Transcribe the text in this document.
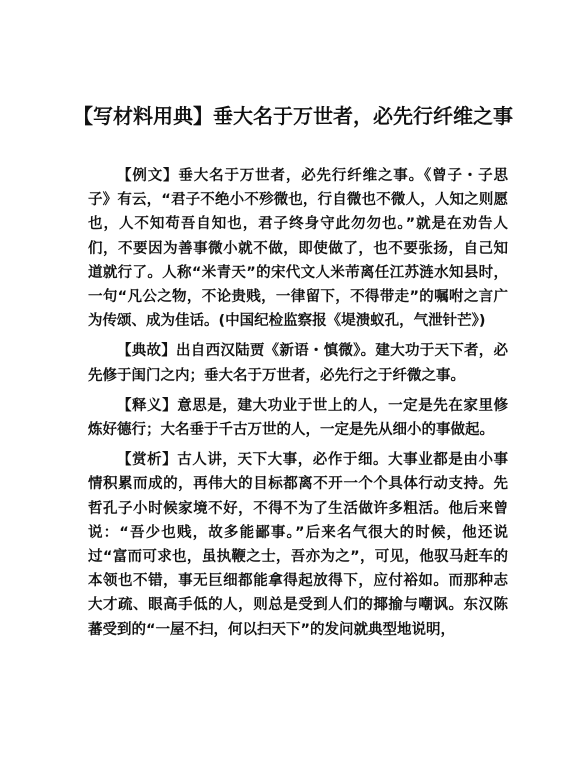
【写材料用典】垂大名于万世者，必先行纤维之事

【例文】垂大名于万世者，必先行纤维之事。《曾子・子思子》有云，“君子不绝小不殄微也，行自微也不微人，人知之则愿也，人不知苟吾自知也，君子终身守此勿勿也。”就是在劝告人们，不要因为善事微小就不做，即使做了，也不要张扬，自己知道就行了。人称“米青天”的宋代文人米芾离任江苏涟水知县时，一句“凡公之物，不论贵贱，一律留下，不得带走”的嘱咐之言广为传颂、成为佳话。(中国纪检监察报《堤溃蚁孔，气泄针芒》)

【典故】出自西汉陆贾《新语・慎微》。建大功于天下者，必先修于闺门之内；垂大名于万世者，必先行之于纤微之事。

【释义】意思是，建大功业于世上的人，一定是先在家里修炼好德行；大名垂于千古万世的人，一定是先从细小的事做起。

【赏析】古人讲，天下大事，必作于细。大事业都是由小事情积累而成的，再伟大的目标都离不开一个个具体行动支持。先哲孔子小时候家境不好，不得不为了生活做许多粗活。他后来曾说：“吾少也贱，故多能鄙事。”后来名气很大的时候，他还说过“富而可求也，虽执鞭之士，吾亦为之”，可见，他驭马赶车的本领也不错，事无巨细都能拿得起放得下，应付裕如。而那种志大才疏、眼高手低的人，则总是受到人们的揶揄与嘲讽。东汉陈蕃受到的“一屋不扫，何以扫天下”的发问就典型地说明，
